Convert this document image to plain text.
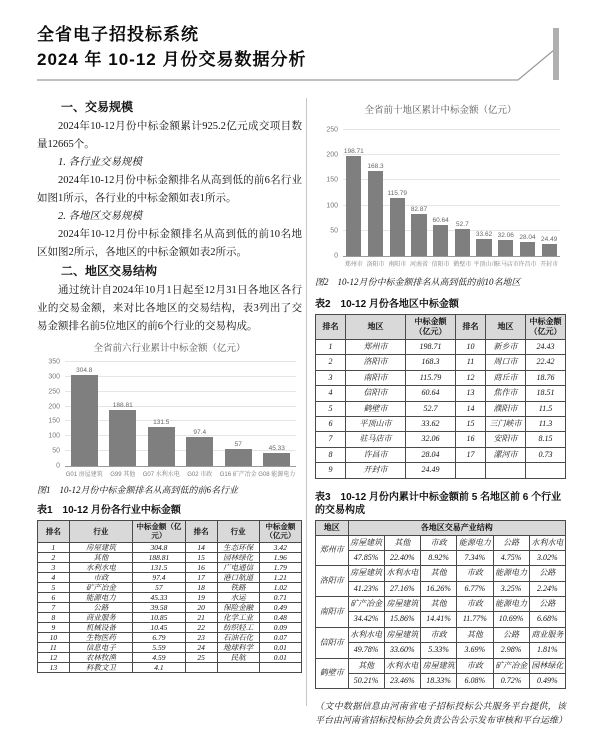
全省电子招投标系统
2024 年 10-12 月份交易数据分析
一、交易规模

2024年10-12月份中标金额累计925.2亿元成交项目数量12665个。

1. 各行业交易规模

2024年10-12月份中标金额排名从高到低的前6名行业如图1所示，各行业的中标金额如表1所示。

2. 各地区交易规模

2024年10-12月份中标金额排名从高到低的前10名地区如图2所示，各地区的中标金额如表2所示。

二、地区交易结构

通过统计自2024年10月1日起至12月31日各地区各行业的交易金额，来对比各地区的交易结构，表3列出了交易金额排名前5位地区的前6个行业的交易构成。

全省前六行业累计中标金额（亿元）
0
50
100
150
200
250
300
350
304.8
188.81
131.5
97.4
57	45.33
G01 房屋建筑	G99 其他	G07 水利水电	G02 市政	G16 矿产冶金 G08 能源电力

图1　10-12月份中标金额排名从高到低的前6名行业

表1　10-12 月份各行业中标金额
排名	行业	中标金额（亿元）	排名	行业	中标金额（亿元）
1	房屋建筑	304.8	14	生态环保	3.42
2	其他	188.81	15	园林绿化	1.96
3	水利水电	131.5	16	广电通信	1.79
4	市政	97.4	17	港口航道	1.21
5	矿产冶金	57	18	铁路	1.02
6	能源电力	45.33	19	水运	0.71
7	公路	39.58	20	保险金融	0.49
8	商业服务	10.85	21	化学工业	0.48
9	机械设备	10.45	22	纺织轻工	0.09
10	生物医药	6.79	23	石油石化	0.07
11	信息电子	5.59	24	地球科学	0.01
12	农林牧渔	4.59	25	民航	0.01
13	科教文卫	4.1			
全省前十地区累计中标金额（亿元）
0
50
100
150
200
250
198.71
168.3
115.79
82.87
60.64
52.7
33.62 32.06 28.04 24.49
郑州市 洛阳市 南阳市 河南省 信阳市 鹤壁市 平顶山市
驻马店市 许昌市 开封市

图2　10-12月份中标金额排名从高到低的前10名地区

表2　10-12 月份各地区中标金额
排名	地区	中标金额（亿元）	排名	地区	中标金额（亿元）
1	郑州市	198.71	10	新乡市	24.43
2	洛阳市	168.3	11	周口市	22.42
3	南阳市	115.79	12	商丘市	18.76
4	信阳市	60.64	13	焦作市	18.51
5	鹤壁市	52.7	14	濮阳市	11.5
6	平顶山市	33.62	15	三门峡市	11.3
7	驻马店市	32.06	16	安阳市	8.15
8	许昌市	28.04	17	漯河市	0.73
9	开封市	24.49			
表3　10-12 月份内累计中标金额前 5 名地区前 6 个行业的交易构成
地区	各地区交易产业结构					
郑州市	房屋建筑	其他	市政	能源电力	公路	水利水电
	47.85%	22.40%	8.92%	7.34%	4.75%	3.02%
洛阳市	房屋建筑	水利水电	其他	市政	能源电力	公路
	41.23%	27.16%	16.26%	6.77%	3.25%	2.24%
南阳市	矿产冶金	房屋建筑	其他	市政	能源电力	公路
	34.42%	15.86%	14.41%	11.77%	10.69%	6.68%
信阳市	水利水电	房屋建筑	市政	其他	公路	商业服务
	49.78%	33.60%	5.33%	3.69%	2.98%	1.81%
鹤壁市	其他	水利水电	房屋建筑	市政	矿产冶金	园林绿化
	50.21%	23.46%	18.33%	6.08%	0.72%	0.49%

（文中数据信息由河南省电子招标投标公共服务平台提供，该平台由河南省招标投标协会负责公告公示发布审核和平台运维）
